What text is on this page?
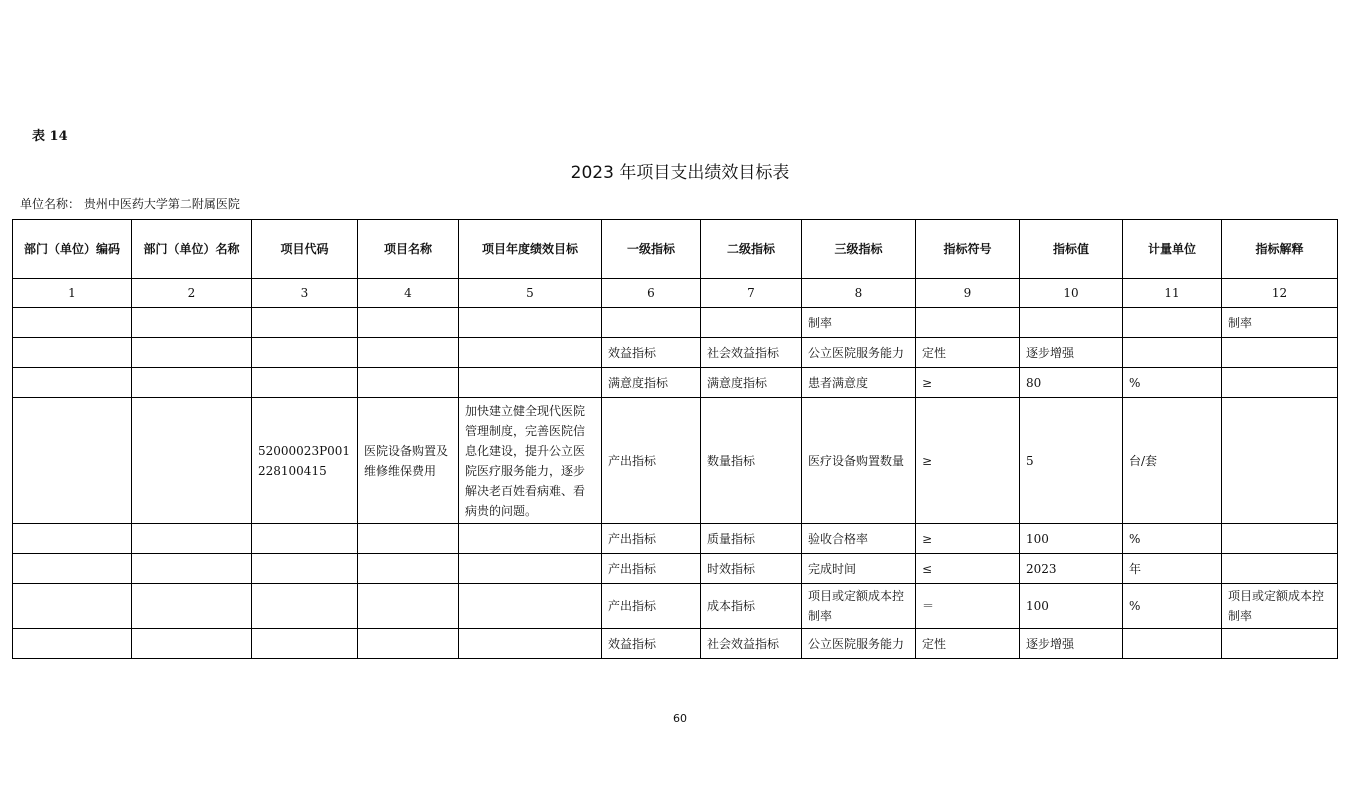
表 14
2023 年项目支出绩效目标表
单位名称： 贵州中医药大学第二附属医院
部门（单位）编码	部门（单位）名称	项目代码	项目名称	项目年度绩效目标	一级指标	二级指标	三级指标	指标符号	指标值	计量单位	指标解释
1	2	3	4	5	6	7	8	9	10	11	12
							制率				制率
					效益指标	社会效益指标	公立医院服务能力	定性	逐步增强		
					满意度指标	满意度指标	患者满意度	≥	80	%	
		52000023P001228100415	医院设备购置及维修维保费用	加快建立健全现代医院管理制度，完善医院信息化建设，提升公立医院医疗服务能力，逐步解决老百姓看病难、看病贵的问题。	产出指标	数量指标	医疗设备购置数量	≥	5	台/套	
					产出指标	质量指标	验收合格率	≥	100	%	
					产出指标	时效指标	完成时间	≤	2023	年	
					产出指标	成本指标	项目或定额成本控制率	＝	100	%	项目或定额成本控制率
					效益指标	社会效益指标	公立医院服务能力	定性	逐步增强		
60
